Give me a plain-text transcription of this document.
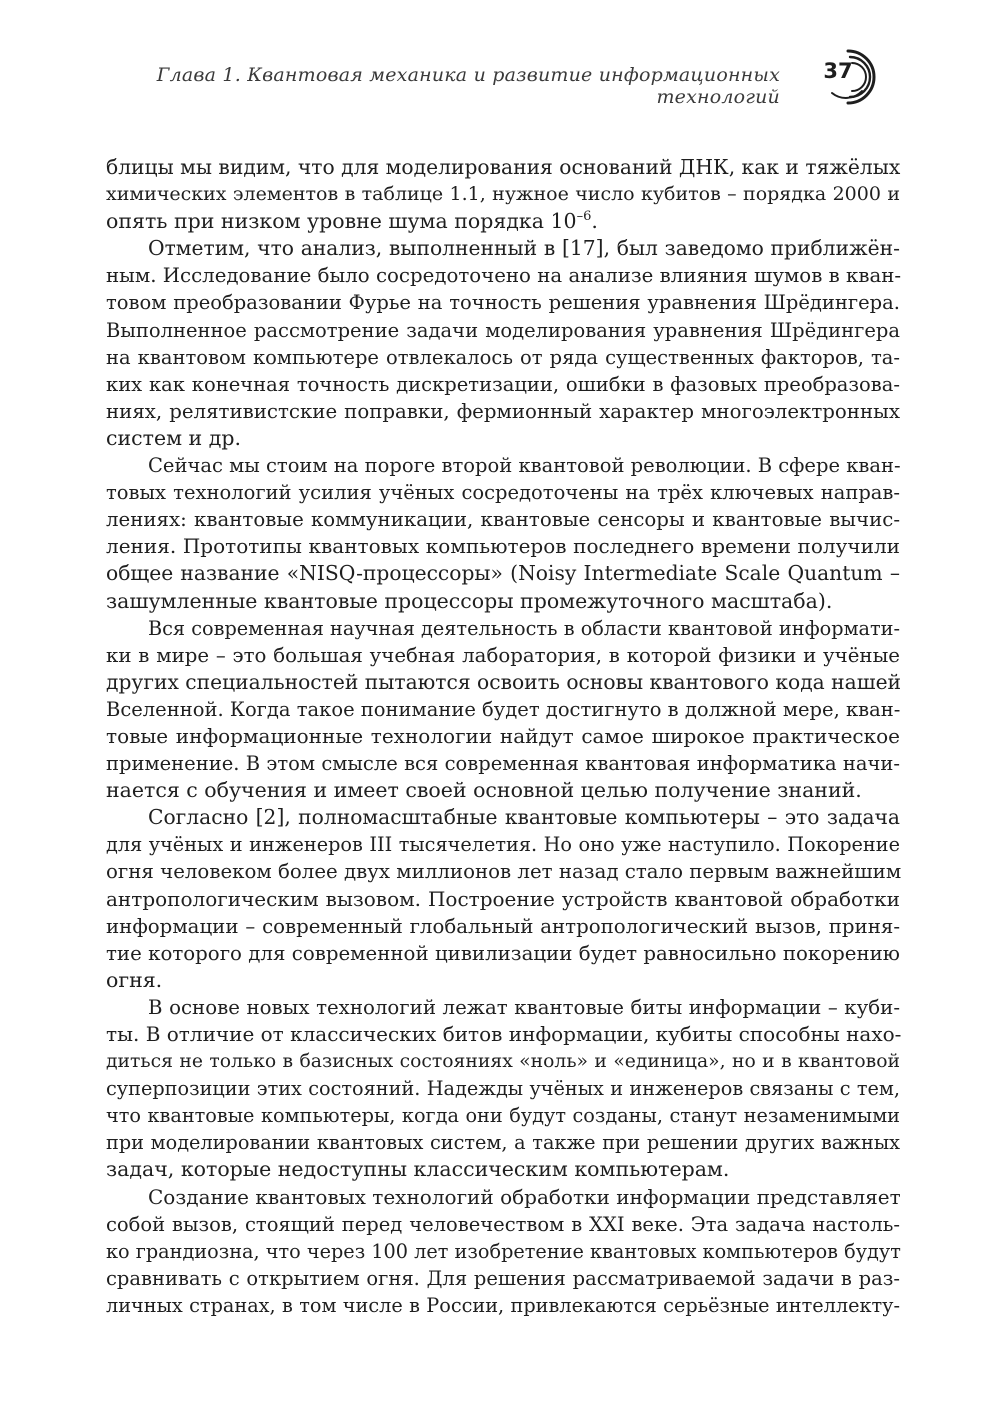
Глава 1. Квантовая механика и развитие информационных технологий
37
блицы мы видим, что для моделирования оснований ДНК, как и тяжёлых
химических элементов в таблице 1.1, нужное число кубитов – порядка 2000 и
опять при низком уровне шума порядка $10^{-6}$.
Отметим, что анализ, выполненный в [17], был заведомо приближён-
ным. Исследование было сосредоточено на анализе влияния шумов в кван-
товом преобразовании Фурье на точность решения уравнения Шрёдингера.
Выполненное рассмотрение задачи моделирования уравнения Шрёдингера
на квантовом компьютере отвлекалось от ряда существенных факторов, та-
ких как конечная точность дискретизации, ошибки в фазовых преобразова-
ниях, релятивистские поправки, фермионный характер многоэлектронных
систем и др.
Сейчас мы стоим на пороге второй квантовой революции. В сфере кван-
товых технологий усилия учёных сосредоточены на трёх ключевых направ-
лениях: квантовые коммуникации, квантовые сенсоры и квантовые вычис-
ления. Прототипы квантовых компьютеров последнего времени получили
общее название «NISQ-процессоры» (Noisy Intermediate Scale Quantum –
зашумленные квантовые процессоры промежуточного масштаба).
Вся современная научная деятельность в области квантовой информати-
ки в мире – это большая учебная лаборатория, в которой физики и учёные
других специальностей пытаются освоить основы квантового кода нашей
Вселенной. Когда такое понимание будет достигнуто в должной мере, кван-
товые информационные технологии найдут самое широкое практическое
применение. В этом смысле вся современная квантовая информатика начи-
нается с обучения и имеет своей основной целью получение знаний.
Согласно [2], полномасштабные квантовые компьютеры – это задача
для учёных и инженеров III тысячелетия. Но оно уже наступило. Покорение
огня человеком более двух миллионов лет назад стало первым важнейшим
антропологическим вызовом. Построение устройств квантовой обработки
информации – современный глобальный антропологический вызов, приня-
тие которого для современной цивилизации будет равносильно покорению
огня.
В основе новых технологий лежат квантовые биты информации – куби-
ты. В отличие от классических битов информации, кубиты способны нахо-
диться не только в базисных состояниях «ноль» и «единица», но и в квантовой
суперпозиции этих состояний. Надежды учёных и инженеров связаны с тем,
что квантовые компьютеры, когда они будут созданы, станут незаменимыми
при моделировании квантовых систем, а также при решении других важных
задач, которые недоступны классическим компьютерам.
Создание квантовых технологий обработки информации представляет
собой вызов, стоящий перед человечеством в XXI веке. Эта задача настоль-
ко грандиозна, что через 100 лет изобретение квантовых компьютеров будут
сравнивать с открытием огня. Для решения рассматриваемой задачи в раз-
личных странах, в том числе в России, привлекаются серьёзные интеллекту-
